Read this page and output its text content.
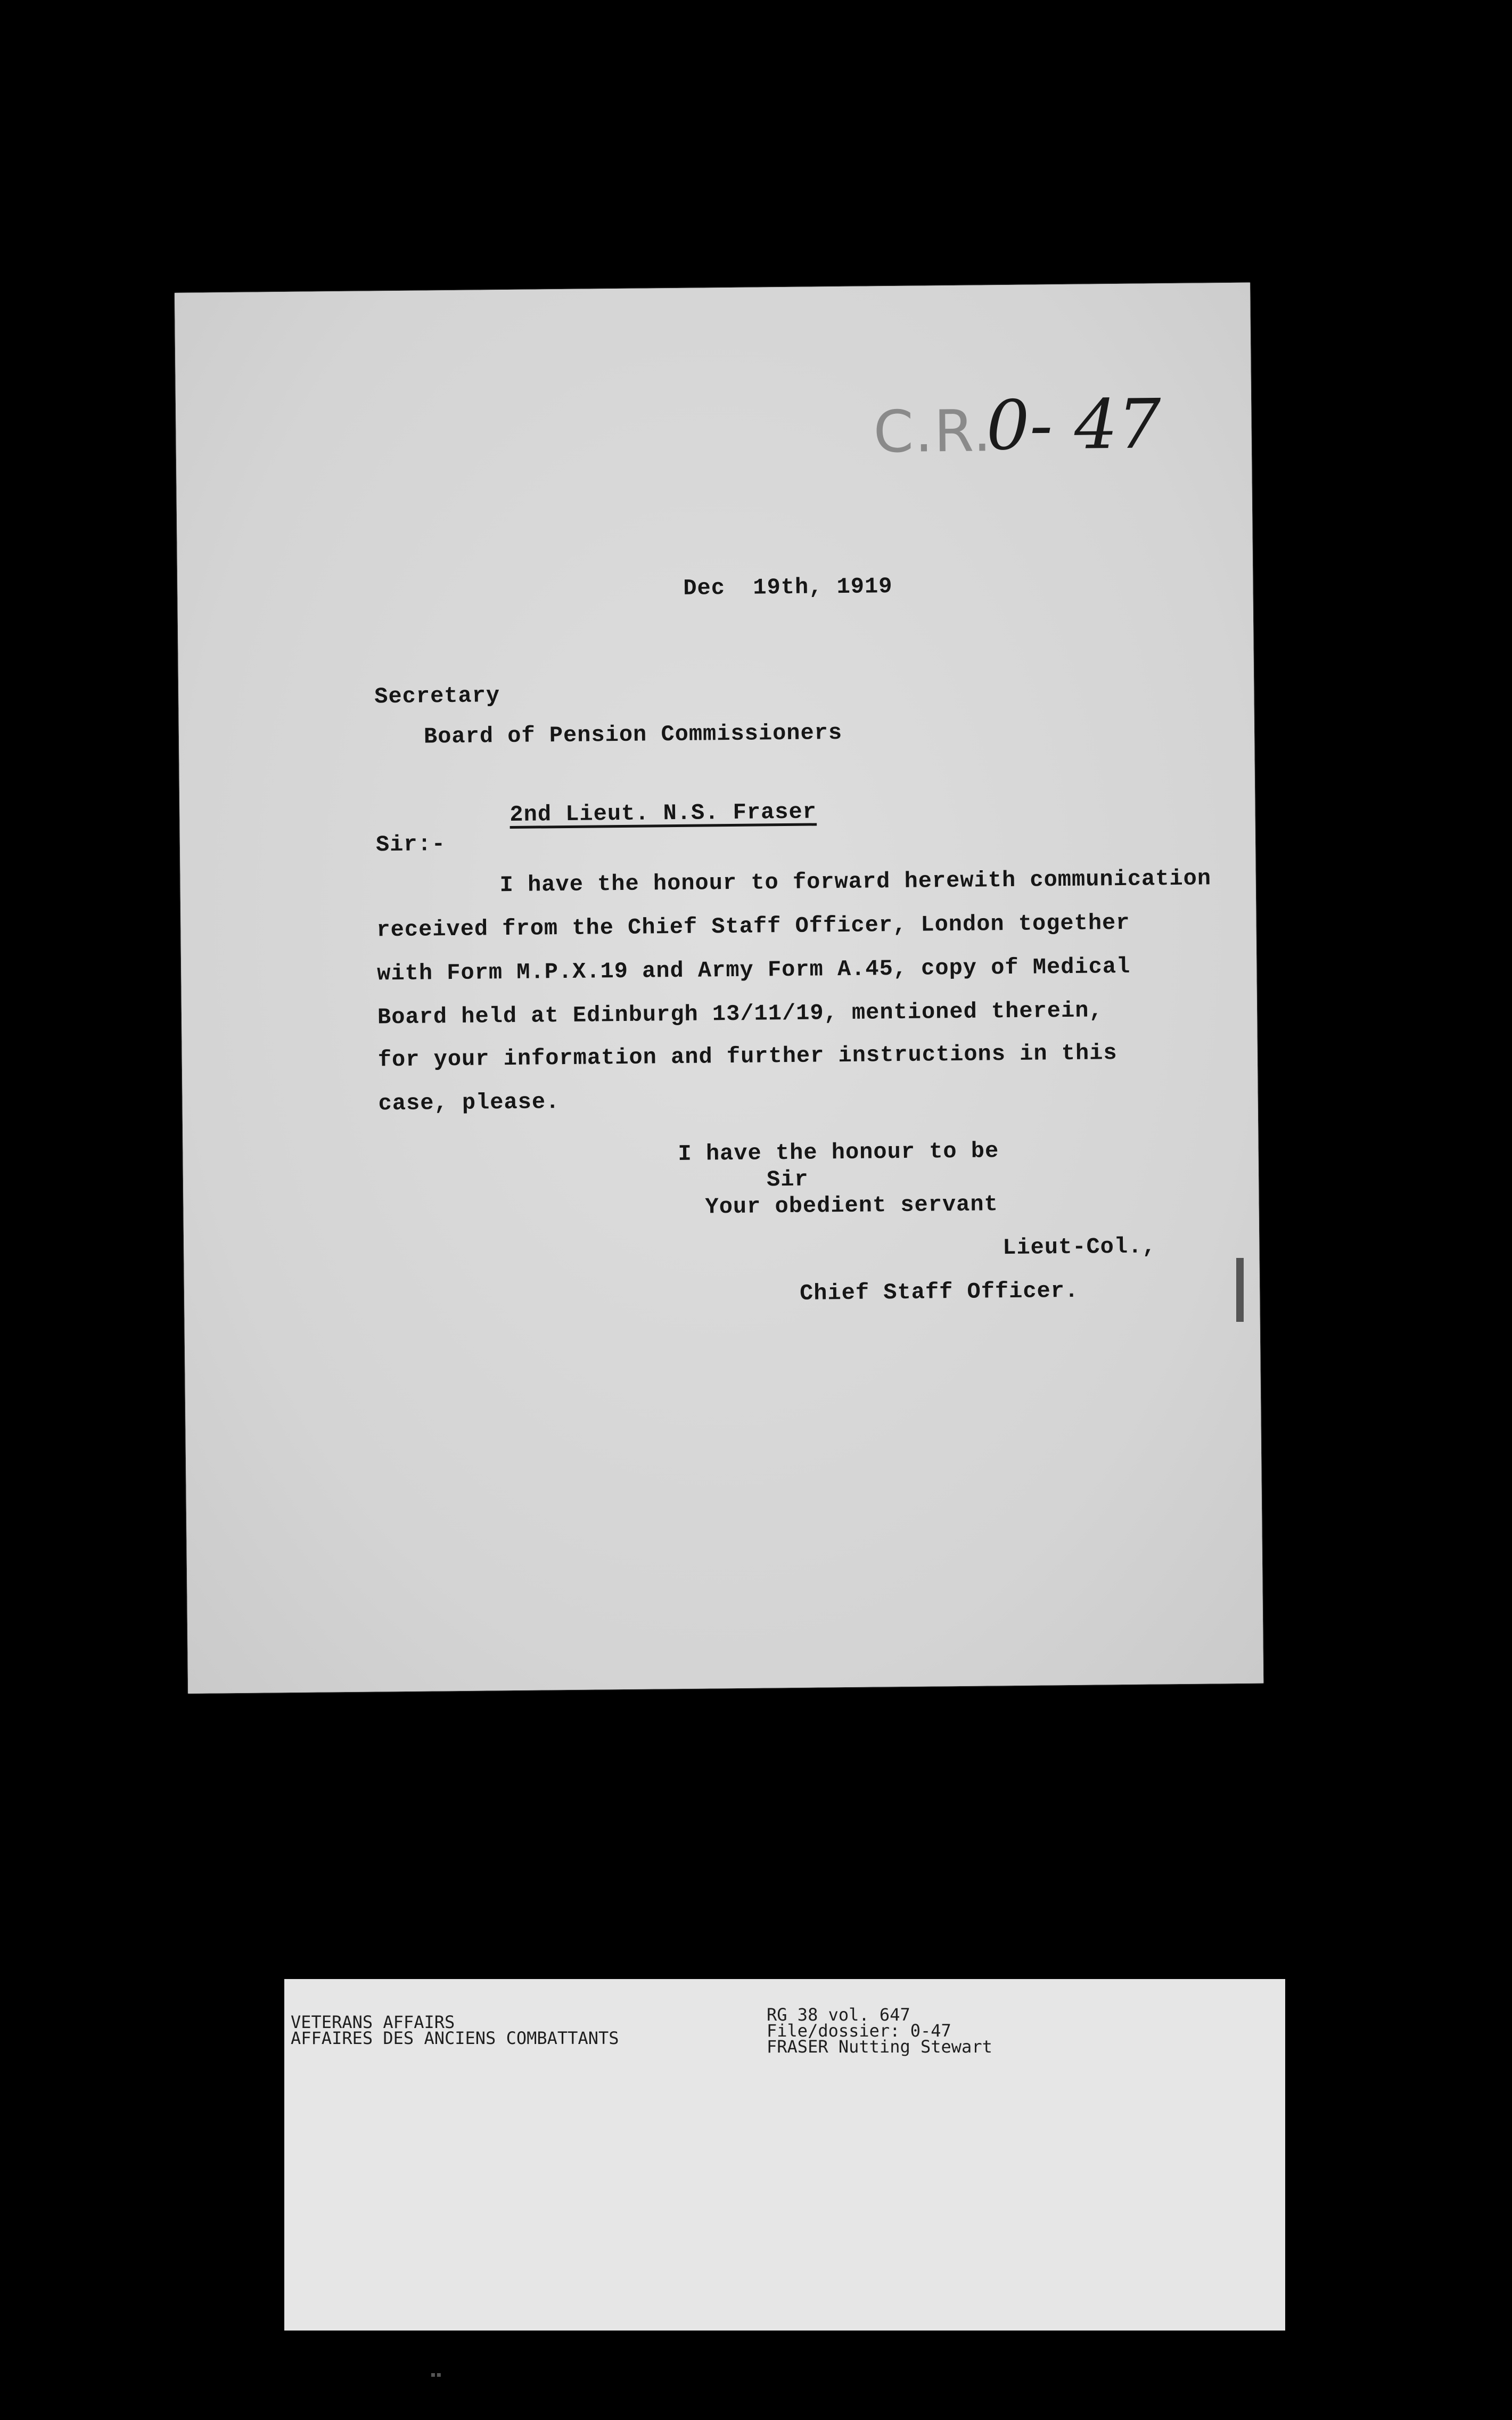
C.R.
0- 47
Dec  19th, 1919
Secretary
Board of Pension Commissioners
2nd Lieut. N.S. Fraser
Sir:-
I have the honour to forward herewith communication
received from the Chief Staff Officer, London together
with Form M.P.X.19 and Army Form A.45, copy of Medical
Board held at Edinburgh 13/11/19, mentioned therein,
for your information and further instructions in this
case, please.
I have the honour to be
Sir
Your obedient servant
Lieut-Col.,
Chief Staff Officer.
VETERANS AFFAIRS
AFFAIRES DES ANCIENS COMBATTANTS
RG 38 vol. 647
File/dossier: 0-47
FRASER Nutting Stewart
▪▪
